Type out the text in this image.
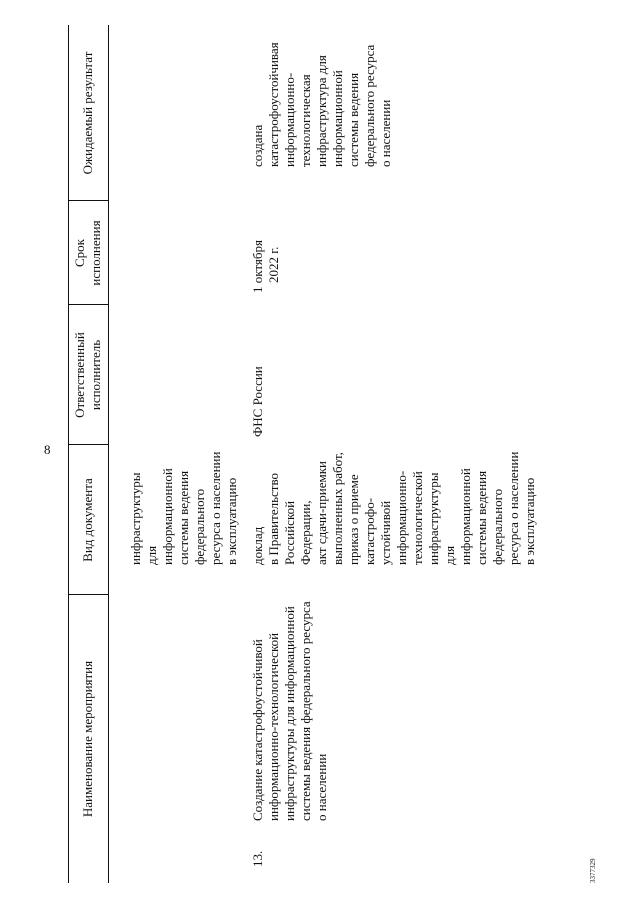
8
3377329
Наименование мероприятия
Вид документа
Ответственный исполнитель
Срок исполнения
Ожидаемый результат
инфраструктуры для информационной системы ведения федерального ресурса о населении в эксплуатацию
13.
Создание катастрофоустойчивой информационно-технологической инфраструктуры для информационной системы ведения федерального ресурса о населении
доклад в Правительство Российской Федерации, акт сдачи-приемки выполненных работ, приказ о приеме катастрофо- устойчивой информационно- технологической инфраструктуры для информационной системы ведения федерального ресурса о населении в эксплуатацию
ФНС России
1 октября 2022 г.
создана катастрофоустойчивая информационно- технологическая инфраструктура для информационной системы ведения федерального ресурса о населении
